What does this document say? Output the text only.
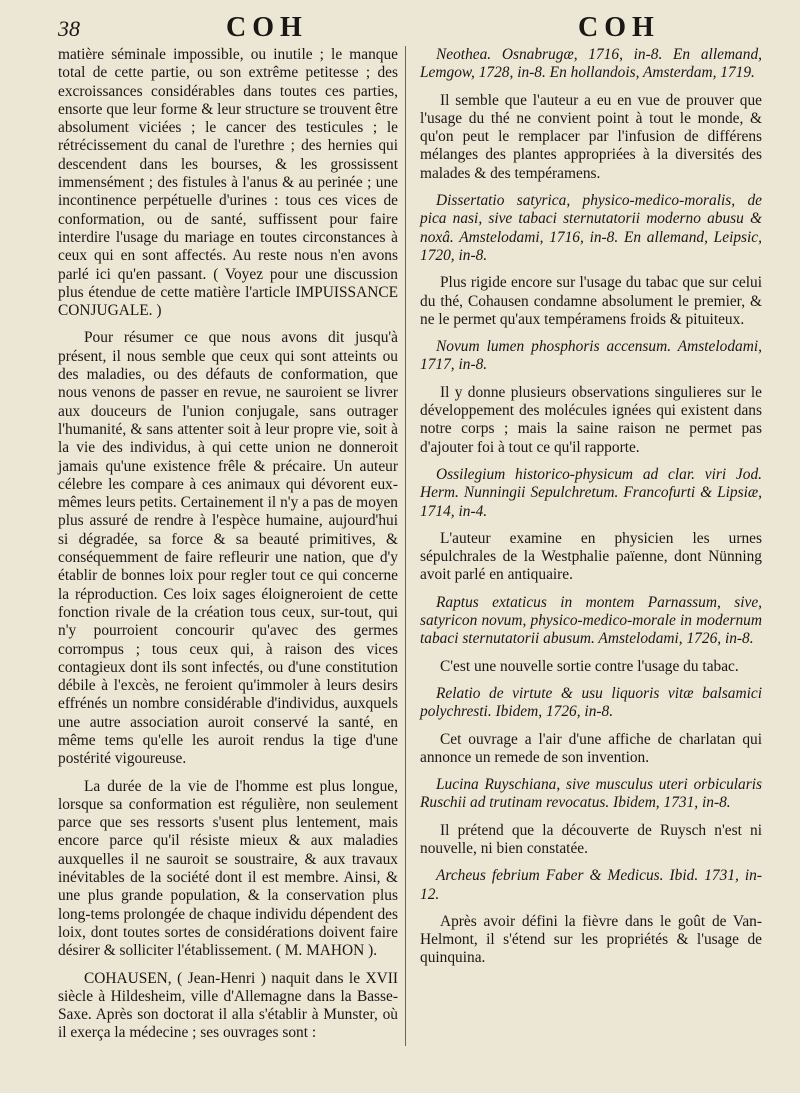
38	COH	COH

matière séminale impossible, ou inutile ; le manque total de cette partie, ou son extrême petitesse ; des excroissances considérables dans toutes ces parties, ensorte que leur forme & leur structure se trouvent être absolument viciées ; le cancer des testicules ; le rétrécissement du canal de l'urethre ; des hernies qui descendent dans les bourses, & les grossissent immensément ; des fistules à l'anus & au perinée ; une incontinence perpétuelle d'urines : tous ces vices de conformation, ou de santé, suffissent pour faire interdire l'usage du mariage en toutes circonstances à ceux qui en sont affectés. Au reste nous n'en avons parlé ici qu'en passant. ( Voyez pour une discussion plus étendue de cette matière l'article IMPUISSANCE CONJUGALE. )

Pour résumer ce que nous avons dit jusqu'à présent, il nous semble que ceux qui sont atteints ou des maladies, ou des défauts de conformation, que nous venons de passer en revue, ne sauroient se livrer aux douceurs de l'union conjugale, sans outrager l'humanité, & sans attenter soit à leur propre vie, soit à la vie des individus, à qui cette union ne donneroit jamais qu'une existence frêle & précaire. Un auteur célebre les compare à ces animaux qui dévorent eux-mêmes leurs petits. Certainement il n'y a pas de moyen plus assuré de rendre à l'espèce humaine, aujourd'hui si dégradée, sa force & sa beauté primitives, & conséquemment de faire refleurir une nation, que d'y établir de bonnes loix pour regler tout ce qui concerne la réproduction. Ces loix sages éloigneroient de cette fonction rivale de la création tous ceux, sur-tout, qui n'y pourroient concourir qu'avec des germes corrompus ; tous ceux qui, à raison des vices contagieux dont ils sont infectés, ou d'une constitution débile à l'excès, ne feroient qu'immoler à leurs desirs effrénés un nombre considérable d'individus, auxquels une autre association auroit conservé la santé, en même tems qu'elle les auroit rendus la tige d'une postérité vigoureuse.

La durée de la vie de l'homme est plus longue, lorsque sa conformation est régulière, non seulement parce que ses ressorts s'usent plus lentement, mais encore parce qu'il résiste mieux & aux maladies auxquelles il ne sauroit se soustraire, & aux travaux inévitables de la société dont il est membre. Ainsi, & une plus grande population, & la conservation plus long-tems prolongée de chaque individu dépendent des loix, dont toutes sortes de considérations doivent faire désirer & solliciter l'établissement. ( M. MAHON ).

COHAUSEN, ( Jean-Henri ) naquit dans le XVII siècle à Hildesheim, ville d'Allemagne dans la Basse-Saxe. Après son doctorat il alla s'établir à Munster, où il exerça la médecine ; ses ouvrages sont :

Neothea. Osnabrugæ, 1716, in-8. En allemand, Lemgow, 1728, in-8. En hollandois, Amsterdam, 1719.

Il semble que l'auteur a eu en vue de prouver que l'usage du thé ne convient point à tout le monde, & qu'on peut le remplacer par l'infusion de différens mélanges des plantes appropriées à la diversités des malades & des tempéramens.

Dissertatio satyrica, physico-medico-moralis, de pica nasi, sive tabaci sternutatorii moderno abusu & noxâ. Amstelodami, 1716, in-8. En allemand, Leipsic, 1720, in-8.

Plus rigide encore sur l'usage du tabac que sur celui du thé, Cohausen condamne absolument le premier, & ne le permet qu'aux tempéramens froids & pituiteux.

Novum lumen phosphoris accensum. Amstelodami, 1717, in-8.

Il y donne plusieurs observations singulieres sur le développement des molécules ignées qui existent dans notre corps ; mais la saine raison ne permet pas d'ajouter foi à tout ce qu'il rapporte.

Ossilegium historico-physicum ad clar. viri Jod. Herm. Nunningii Sepulchretum. Francofurti & Lipsiæ, 1714, in-4.

L'auteur examine en physicien les urnes sépulchrales de la Westphalie païenne, dont Nünning avoit parlé en antiquaire.

Raptus extaticus in montem Parnassum, sive, satyricon novum, physico-medico-morale in modernum tabaci sternutatorii abusum. Amstelodami, 1726, in-8.

C'est une nouvelle sortie contre l'usage du tabac.

Relatio de virtute & usu liquoris vitæ balsamici polychresti. Ibidem, 1726, in-8.

Cet ouvrage a l'air d'une affiche de charlatan qui annonce un remede de son invention.

Lucina Ruyschiana, sive musculus uteri orbicularis Ruschii ad trutinam revocatus. Ibidem, 1731, in-8.

Il prétend que la découverte de Ruysch n'est ni nouvelle, ni bien constatée.

Archeus febrium Faber & Medicus. Ibid. 1731, in-12.

Après avoir défini la fièvre dans le goût de Van-Helmont, il s'étend sur les propriétés & l'usage de quinquina.
